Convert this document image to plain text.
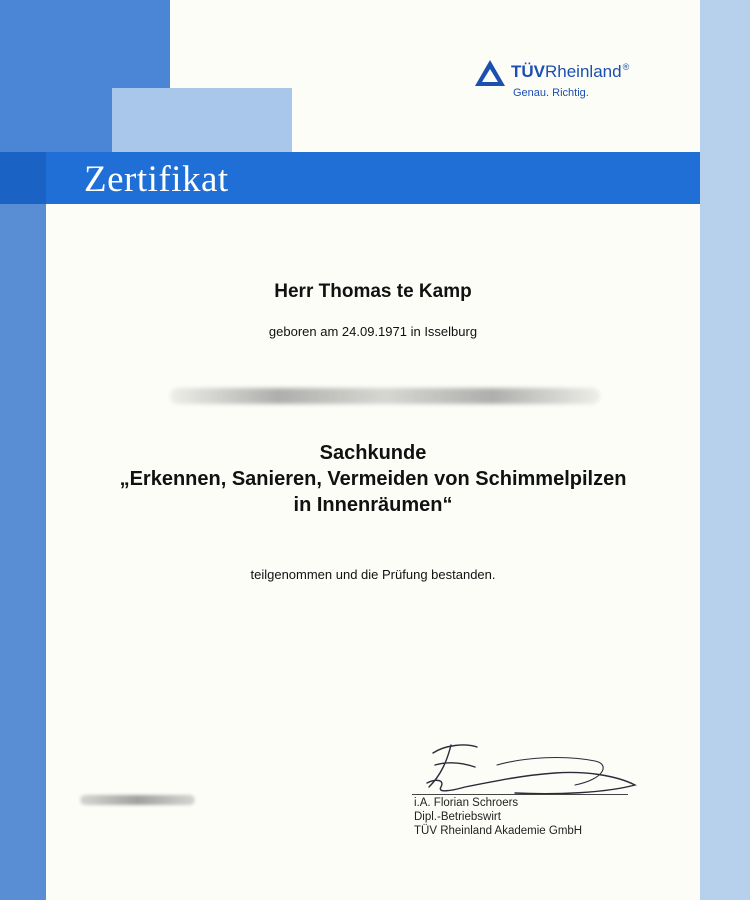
Zertifikat
TÜVRheinland®
Genau. Richtig.
Herr Thomas te Kamp
geboren am 24.09.1971 in Isselburg
Sachkunde
„Erkennen, Sanieren, Vermeiden von Schimmelpilzen
in Innenräumen“
teilgenommen und die Prüfung bestanden.
i.A. Florian Schroers
Dipl.-Betriebswirt
TÜV Rheinland Akademie GmbH
